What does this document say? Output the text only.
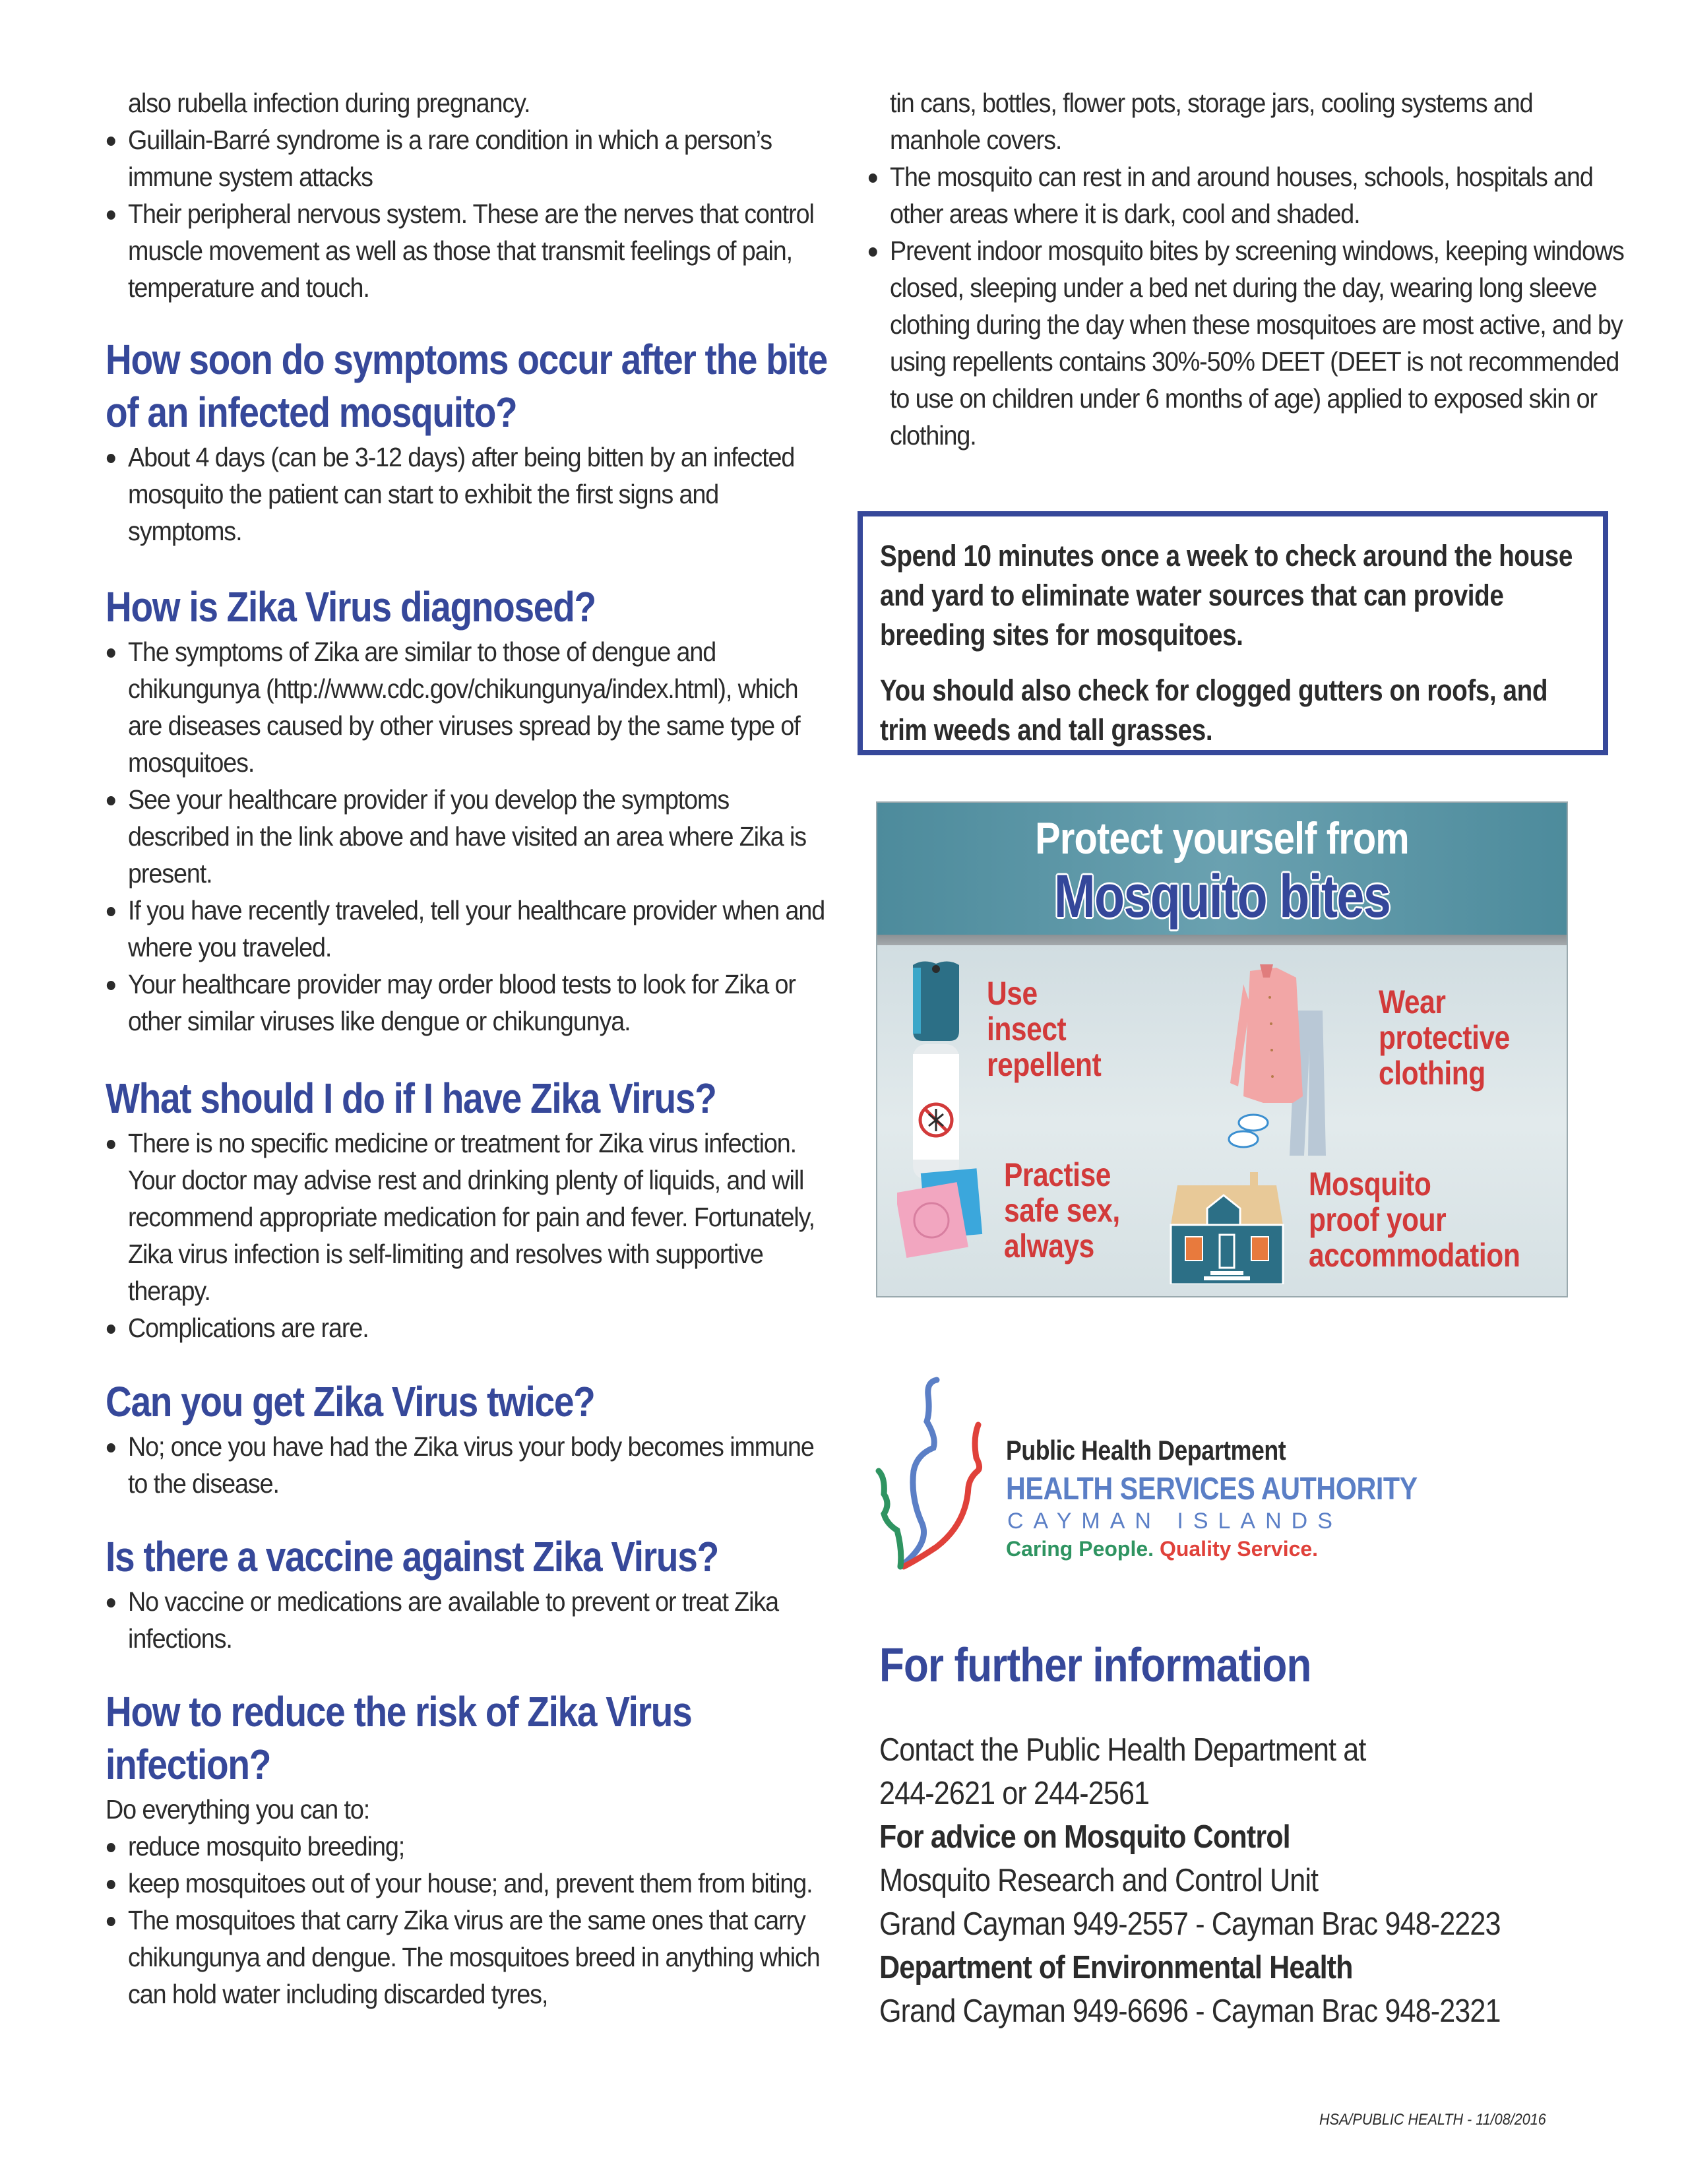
also rubella infection during pregnancy.
Guillain-Barré syndrome is a rare condition in which a person’s immune system attacks
Their peripheral nervous system. These are the nerves that control muscle movement as well as those that transmit feelings of pain, temperature and touch.
How soon do symptoms occur after the bite of an infected mosquito?
About 4 days (can be 3-12 days) after being bitten by an infected mosquito the patient can start to exhibit the first signs and symptoms.
How is Zika Virus diagnosed?
The symptoms of Zika are similar to those of dengue and chikungunya (http://www.cdc.gov/chikungunya/index.html), which are diseases caused by other viruses spread by the same type of mosquitoes.
See your healthcare provider if you develop the symptoms described in the link above and have visited an area where Zika is present.
If you have recently traveled, tell your healthcare provider when and where you traveled.
Your healthcare provider may order blood tests to look for Zika or other similar viruses like dengue or chikungunya.
What should I do if I have Zika Virus?
There is no specific medicine or treatment for Zika virus infection. Your doctor may advise rest and drinking plenty of liquids, and will recommend appropriate medication for pain and fever. Fortunately, Zika virus infection is self-limiting and resolves with supportive therapy.
Complications are rare.
Can you get Zika Virus twice?
No; once you have had the Zika virus your body becomes immune to the disease.
Is there a vaccine against Zika Virus?
No vaccine or medications are available to prevent or treat Zika infections.
How to reduce the risk of Zika Virus infection?
Do everything you can to:
reduce mosquito breeding;
keep mosquitoes out of your house; and, prevent them from biting.
The mosquitoes that carry Zika virus are the same ones that carry chikungunya and dengue. The mosquitoes breed in anything which can hold water including discarded tyres,
tin cans, bottles, flower pots, storage jars, cooling systems and manhole covers.
The mosquito can rest in and around houses, schools, hospitals and other areas where it is dark, cool and shaded.
Prevent indoor mosquito bites by screening windows, keeping windows closed, sleeping under a bed net during the day, wearing long sleeve clothing during the day when these mosquitoes are most active, and by using repellents contains 30%-50% DEET (DEET is not recommended to use on children under 6 months of age) applied to exposed skin or clothing.

Spend 10 minutes once a week to check around the house and yard to eliminate water sources that can provide breeding sites for mosquitoes.

You should also check for clogged gutters on roofs, and trim weeds and tall grasses.

Protect yourself from
Mosquito bites
Use
insect
repellent
Wear
protective
clothing
Practise
safe sex,
always
Mosquito
proof your
accommodation
Public Health Department
HEALTH SERVICES AUTHORITY
CAYMAN ISLANDS
Caring People. Quality Service.
For further information
Contact the Public Health Department at
244-2621 or 244-2561
For advice on Mosquito Control
Mosquito Research and Control Unit
Grand Cayman 949-2557 - Cayman Brac 948-2223
Department of Environmental Health
Grand Cayman 949-6696 - Cayman Brac 948-2321
HSA/PUBLIC HEALTH - 11/08/2016
